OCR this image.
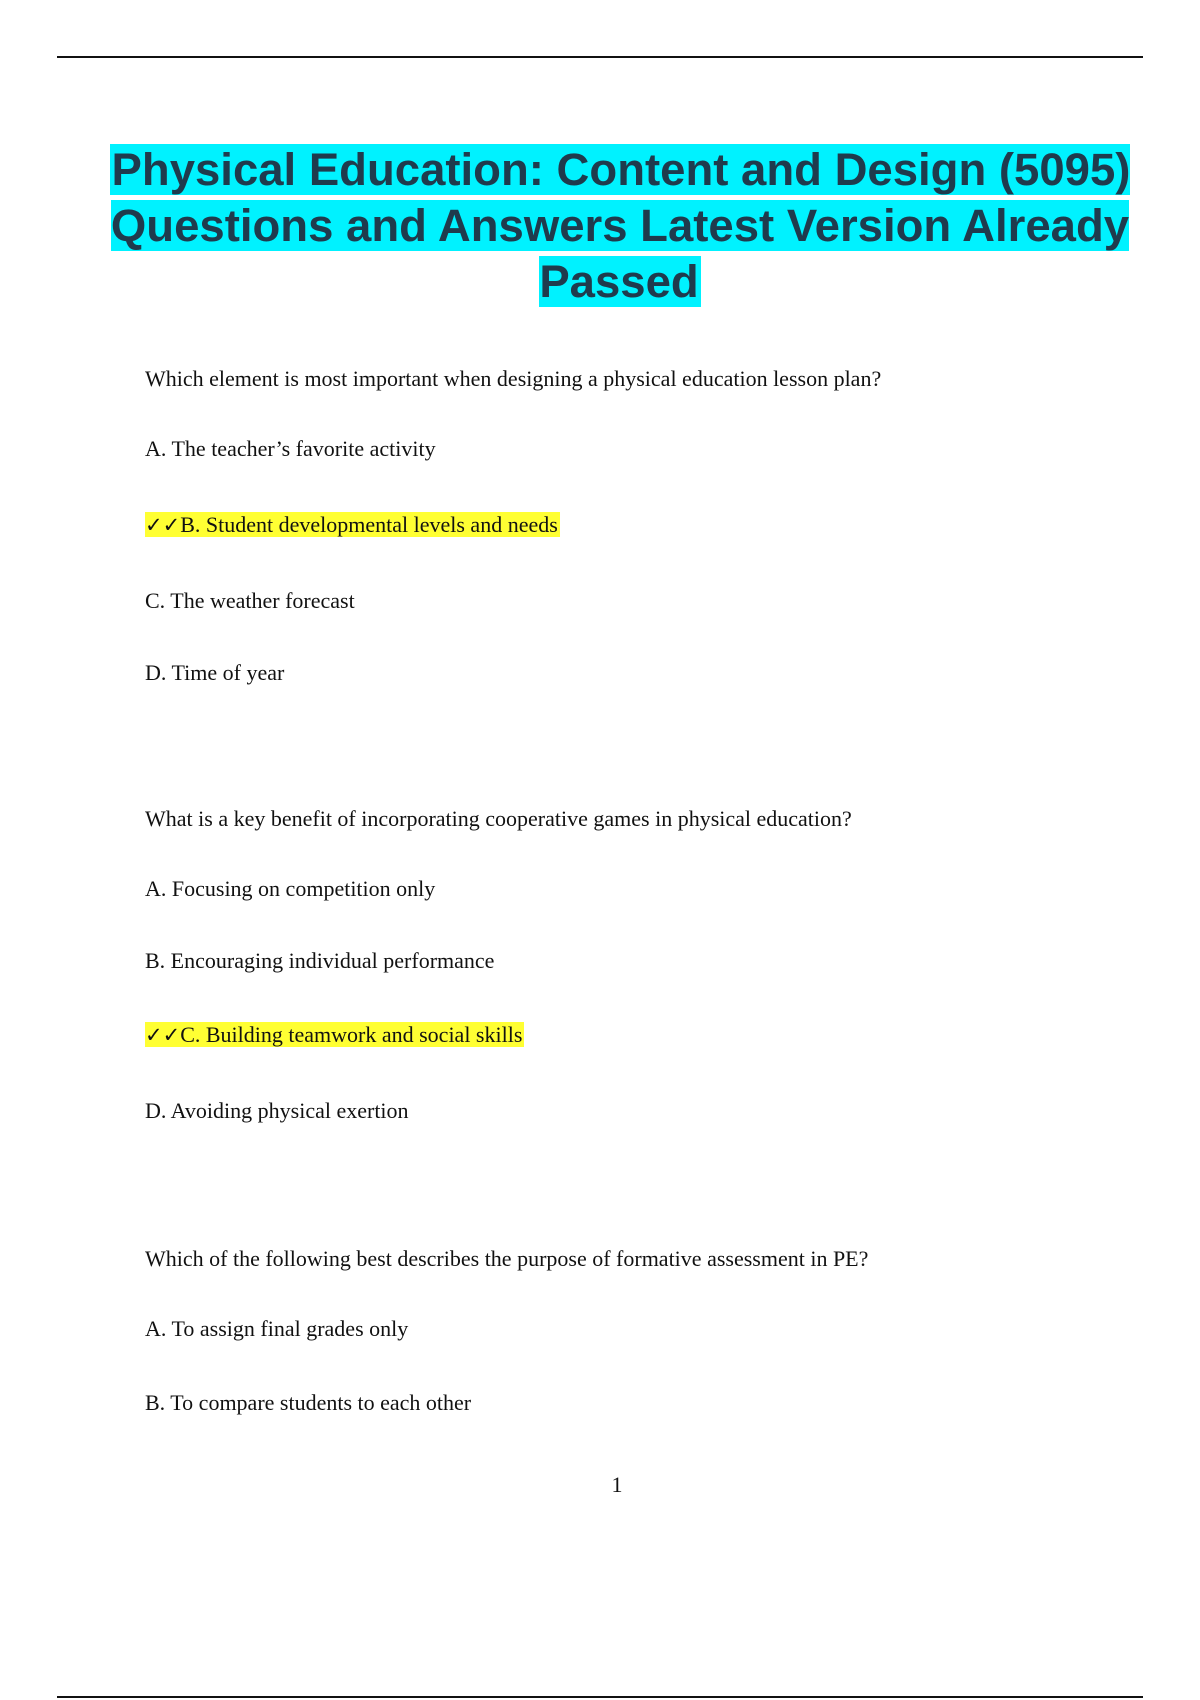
Physical Education: Content and Design (5095) Questions and Answers Latest Version Already Passed

Which element is most important when designing a physical education lesson plan?

A. The teacher’s favorite activity

✓✓B. Student developmental levels and needs

C. The weather forecast

D. Time of year

What is a key benefit of incorporating cooperative games in physical education?

A. Focusing on competition only

B. Encouraging individual performance

✓✓C. Building teamwork and social skills

D. Avoiding physical exertion

Which of the following best describes the purpose of formative assessment in PE?

A. To assign final grades only

B. To compare students to each other

1
